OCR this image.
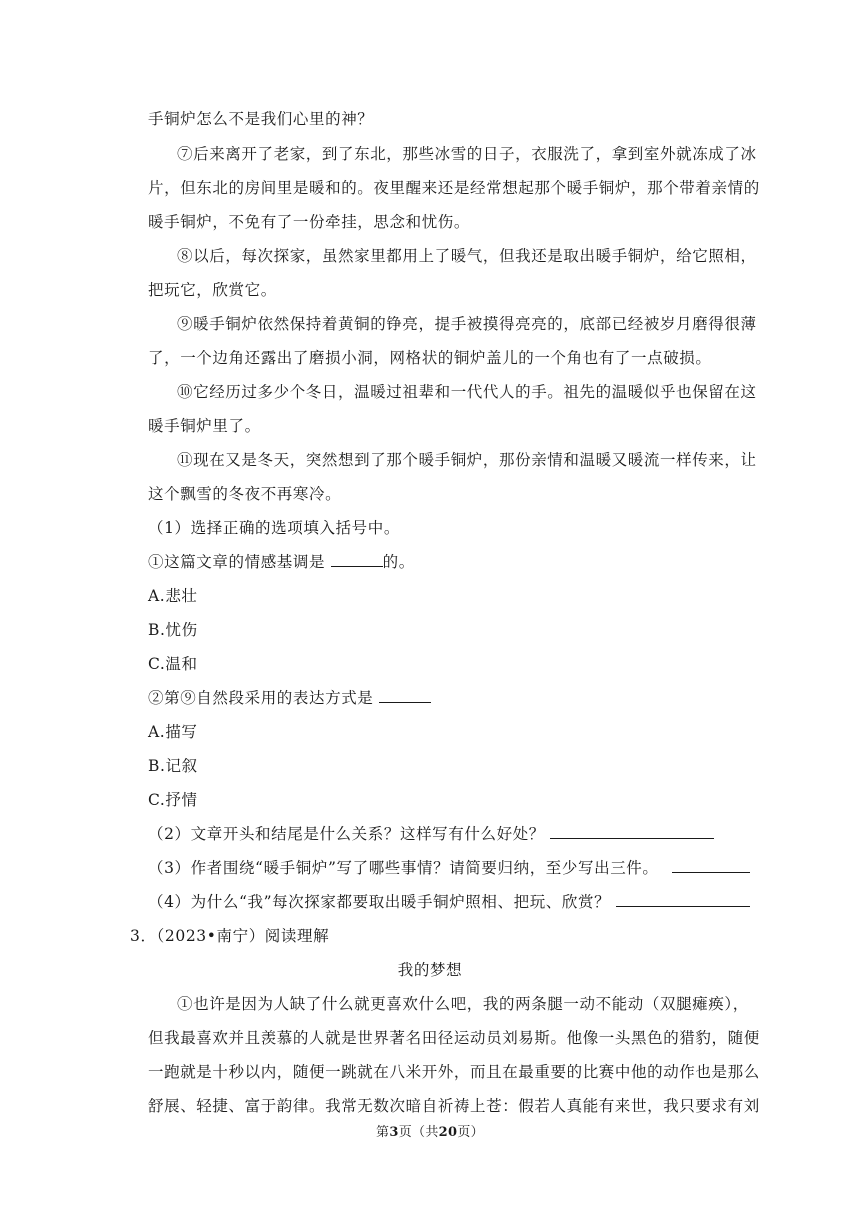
手铜炉怎么不是我们心里的神？
⑦后来离开了老家，到了东北，那些冰雪的日子，衣服洗了，拿到室外就冻成了冰
片，但东北的房间里是暖和的。夜里醒来还是经常想起那个暖手铜炉，那个带着亲情的
暖手铜炉，不免有了一份牵挂，思念和忧伤。
⑧以后，每次探家，虽然家里都用上了暖气，但我还是取出暖手铜炉，给它照相，
把玩它，欣赏它。
⑨暖手铜炉依然保持着黄铜的铮亮，提手被摸得亮亮的，底部已经被岁月磨得很薄
了，一个边角还露出了磨损小洞，网格状的铜炉盖儿的一个角也有了一点破损。
⑩它经历过多少个冬日，温暖过祖辈和一代代人的手。祖先的温暖似乎也保留在这
暖手铜炉里了。
⑪现在又是冬天，突然想到了那个暖手铜炉，那份亲情和温暖又暖流一样传来，让
这个飘雪的冬夜不再寒冷。
（1）选择正确的选项填入括号中。
①这篇文章的情感基调是	的。
A.悲壮
B.忧伤
C.温和
②第⑨自然段采用的表达方式是
A.描写
B.记叙
C.抒情
（2）文章开头和结尾是什么关系？这样写有什么好处？
（3）作者围绕“暖手铜炉”写了哪些事情？请简要归纳，至少写出三件。
（4）为什么“我”每次探家都要取出暖手铜炉照相、把玩、欣赏？
3．（2023•南宁）阅读理解
我的梦想
①也许是因为人缺了什么就更喜欢什么吧，我的两条腿一动不能动（双腿瘫痪），
但我最喜欢并且羡慕的人就是世界著名田径运动员刘易斯。他像一头黑色的猎豹，随便
一跑就是十秒以内，随便一跳就在八米开外，而且在最重要的比赛中他的动作也是那么
舒展、轻捷、富于韵律。我常无数次暗自祈祷上苍：假若人真能有来世，我只要求有刘
第3页（共20页）
